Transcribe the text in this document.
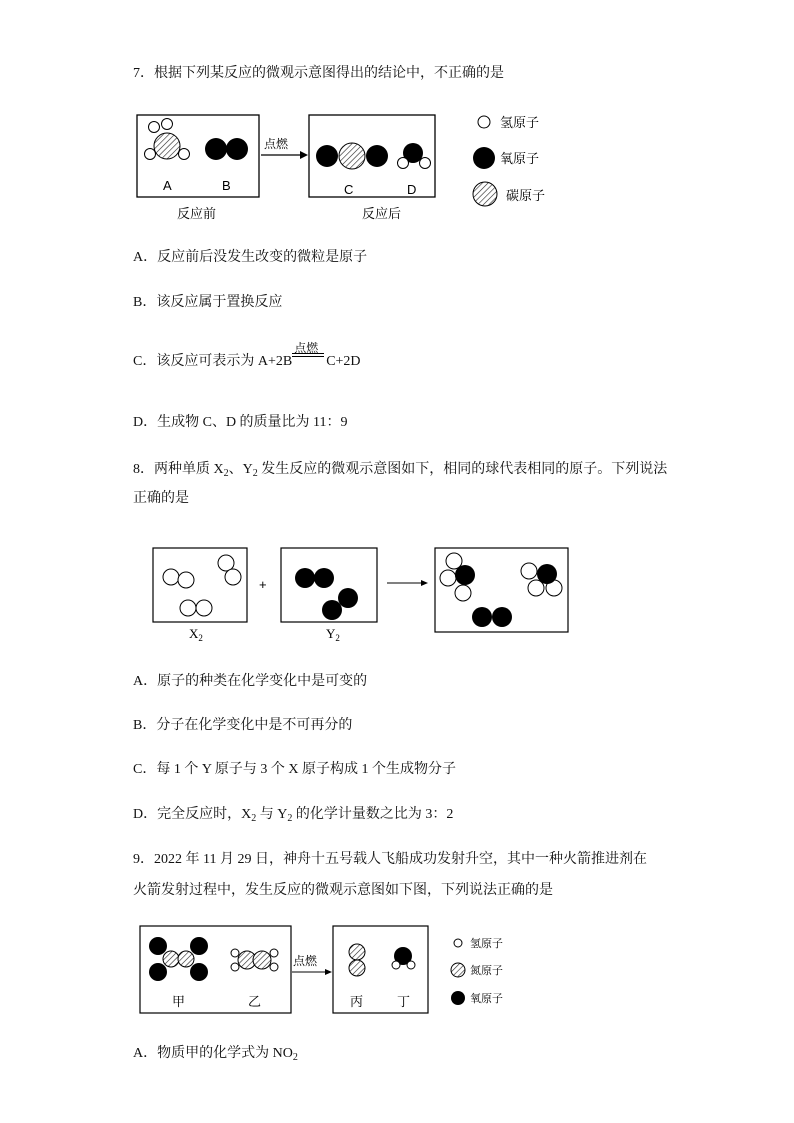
7．根据下列某反应的微观示意图得出的结论中，不正确的是
A	B
反应前
点燃
C	D
反应后
氢原子
氧原子
碳原子
A．反应前后没发生改变的微粒是原子
B．该反应属于置换反应
C．该反应可表示为 A+2B
点燃
C+2D
D．生成物 C、D 的质量比为 11：9
8．两种单质 $X_2$、$Y_2$ 发生反应的微观示意图如下，相同的球代表相同的原子。下列说法
正确的是
$X_2$
+
$Y_2$
A．原子的种类在化学变化中是可变的
B．分子在化学变化中是不可再分的
C．每 1 个 Y 原子与 3 个 X 原子构成 1 个生成物分子
D．完全反应时，$X_2$ 与 $Y_2$ 的化学计量数之比为 3：2
9．2022 年 11 月 29 日，神舟十五号载人飞船成功发射升空，其中一种火箭推进剂在
火箭发射过程中，发生反应的微观示意图如下图，下列说法正确的是
甲	乙
点燃
丙	丁
氢原子
氮原子
氧原子
A．物质甲的化学式为 $NO_2$
